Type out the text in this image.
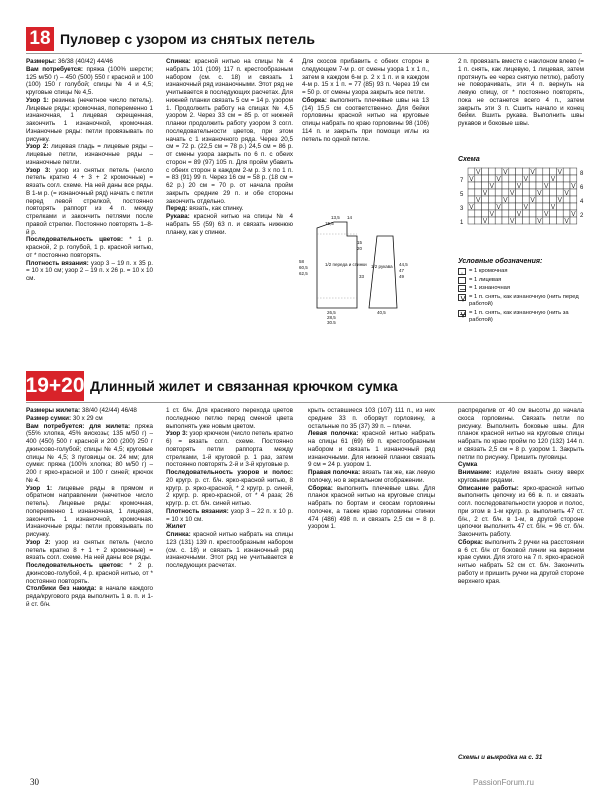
18 Пуловер с узором из снятых петель

Размеры: 36/38 (40/42) 44/46

Вам потребуется: пряжа (100% шерсти; 125 м/50 г) – 450 (500) 550 г красной и 100 (100) 150 г голубой; спицы № 4 и 4,5; круговые спицы № 4,5.

Узор 1: резинка (нечетное число петель). Лицевые ряды: кромочная, попеременно 1 изнаночная, 1 лицевая скрещенная, закончить 1 изнаночной, кромочная. Изнаночные ряды: петли провязывать по рисунку.

Узор 2: лицевая гладь = лицевые ряды – лицевые петли, изнаночные ряды – изнаночные петли.

Узор 3: узор из снятых петель (число петель кратно 4 + 3 + 2 кромочные) = вязать согл. схеме. На ней даны все ряды. В 1-м р. (= изнаночный ряд) начать с петли перед левой стрелкой, постоянно повторять раппорт из 4 п. между стрелками и закончить петлями после правой стрелки. Постоянно повторять 1–8-й р.

Последовательность цветов: * 1 р. красной, 2 р. голубой, 1 р. красной нитью, от * постоянно повторять.

Плотность вязания: узор 3 – 19 п. x 35 р. = 10 x 10 см; узор 2 – 19 п. x 26 р. = 10 x 10 см.

Спинка: красной нитью на спицы № 4 набрать 101 (109) 117 п. крестообразным набором (см. с. 18) и связать 1 изнаночный ряд изнаночными. Этот ряд не учитывается в последующих расчетах. Для нижней планки связать 5 см = 14 р. узором 1. Продолжить работу на спицах № 4,5 узором 2. Через 33 см = 85 р. от нижней планки продолжить работу узором 3 согл. последовательности цветов, при этом начать с 1 изнаночного ряда. Через 20,5 см = 72 р. (22,5 см = 78 р.) 24,5 см = 86 р. от смены узора закрыть по 6 п. с обеих сторон = 89 (97) 105 п. Для пройм убавить с обеих сторон в каждом 2-м р. 3 x по 1 п. = 83 (91) 99 п. Через 16 см = 58 р. (18 см = 62 р.) 20 см = 70 р. от начала пройм закрыть средние 29 п. и обе стороны закончить отдельно.

Перед: вязать, как спинку.

Рукава: красной нитью на спицы № 4 набрать 55 (59) 63 п. и связать нижнюю планку, как у спинки.

Для скосов прибавить с обеих сторон в следующем 7-м р. от смены узора 1 x 1 п., затем в каждом 6-м р. 2 x 1 п. и в каждом 4-м р. 15 x 1 п. = 77 (85) 93 п. Через 19 см = 50 р. от смены узора закрыть все петли.

Сборка: выполнить плечевые швы на 13 (14) 15,5 см соответственно. Для бейки горловины красной нитью на круговые спицы набрать по краю горловины 98 (106) 114 п. и закрыть при помощи иглы из петель по одной петле.

2 п. провязать вместе с наклоном влево (= 1 п. снять, как лицевую, 1 лицевая, затем протянуть ее через снятую петлю), работу не поворачивать, эти 4 п. вернуть на левую спицу, от * постоянно повторять, пока не останется всего 4 п., затем закрыть эти 3 п. Сшить начало и конец бейки. Вшить рукава. Выполнить швы рукавов и боковые швы.

13,5
15,5
14
15
20
1/2 переда и спинки 1/2 рукава
33
26,5
28,5
30,5
58
60,5
62,5
44,5
47
49
40,5
Схема
8
6
4
2
7
5
3
1
Условные обозначения:
◦ = 1 кромочная
= 1 лицевая
= 1 изнаночная
= 1 п. снять, как изнаночную (нить перед работой)
= 1 п. снять, как изнаночную (нить за работой)
19+20 Длинный жилет и связанная крючком сумка

Размеры жилета: 38/40 (42/44) 46/48

Размер сумки: 30 x 29 см

Вам потребуется: для жилета: пряжа (55% хлопка, 45% вискозы; 135 м/50 г) – 400 (450) 500 г красной и 200 (200) 250 г джинсово-голубой; спицы № 4,5; круговые спицы № 4,5; 3 пуговицы ок. 24 мм; для сумки: пряжа (100% хлопка; 80 м/50 г) – 200 г ярко-красной и 100 г синей; крючок № 4.

Узор 1: лицевые ряды в прямом и обратном направлении (нечетное число петель). Лицевые ряды: кромочная, попеременно 1 изнаночная, 1 лицевая, закончить 1 изнаночной, кромочная. Изнаночные ряды: петли провязывать по рисунку.

Узор 2: узор из снятых петель (число петель кратно 8 + 1 + 2 кромочные) = вязать согл. схеме. На ней даны все ряды.

Последовательность цветов: * 2 р. джинсово-голубой, 4 р. красной нитью, от * постоянно повторять.

Столбики без накида: в начале каждого ряда/кругового ряда выполнить 1 в. п. и 1-й ст. б/н.

1 ст. б/н. Для красивого перехода цветов последнюю петлю перед сменой цвета выполнять уже новым цветом.

Узор 3: узор крючком (число петель кратно 6) = вязать согл. схеме. Постоянно повторять петли раппорта между стрелками, 1-й круговой р. 1 раз, затем постоянно повторять 2-й и 3-й круговые р.

Последовательность узоров и полос: 20 кругр. р. ст. б/н. ярко-красной нитью, 8 кругр. р. ярко-красной, * 2 кругр. р. синей, 2 кругр. р. ярко-красной, от * 4 раза; 26 кругр. р. ст. б/н. синей нитью.

Плотность вязания: узор 3 – 22 п. x 10 р. = 10 x 10 см.

Жилет

Спинка: красной нитью набрать на спицы 123 (131) 139 п. крестообразным набором (см. с. 18) и связать 1 изнаночный ряд изнаночными. Этот ряд не учитывается в последующих расчетах.

крыть оставшиеся 103 (107) 111 п., из них средние 33 п. оборвут горловину, а остальные по 35 (37) 39 п. – плечи.

Левая полочка: красной нитью набрать на спицы 61 (69) 69 п. крестообразным набором и связать 1 изнаночный ряд изнаночными. Для нижней планки связать 9 см = 24 р. узором 1.

Правая полочка: вязать так же, как левую полочку, но в зеркальном отображении.

Сборка: выполнить плечевые швы. Для планок красной нитью на круговые спицы набрать по бортам и скосам горловины полочек, а также краю горловины спинки 474 (486) 498 п. и связать 2,5 см = 8 р. узором 1.

распределив от 40 см высоты до начала скоса горловины. Связать петли по рисунку. Выполнить боковые швы. Для планок красной нитью на круговые спицы набрать по краю пройм по 120 (132) 144 п. и связать 2,5 см = 8 р. узором 1. Закрыть петли по рисунку. Пришить пуговицы.

Сумка

Внимание: изделие вязать снизу вверх круговыми рядами.

Описание работы: ярко-красной нитью выполнить цепочку из 66 в. п. и связать согл. последовательности узоров и полос, при этом в 1-м кругр. р. выполнить 47 ст. б/н., 2 ст. б/н. в 1-м, в другой стороне цепочки выполнить 47 ст. б/н. = 96 ст. б/н. Закончить работу.

Сборка: выполнить 2 ручки на расстоянии в 6 ст. б/н от боковой линии на верхнем крае сумки. Для этого на 7 п. ярко-красной нитью набрать 52 см ст. б/н. Закончить работу и пришить ручки на другой стороне верхнего края.

Схемы и выкройка на с. 31
30	PassionForum.ru
